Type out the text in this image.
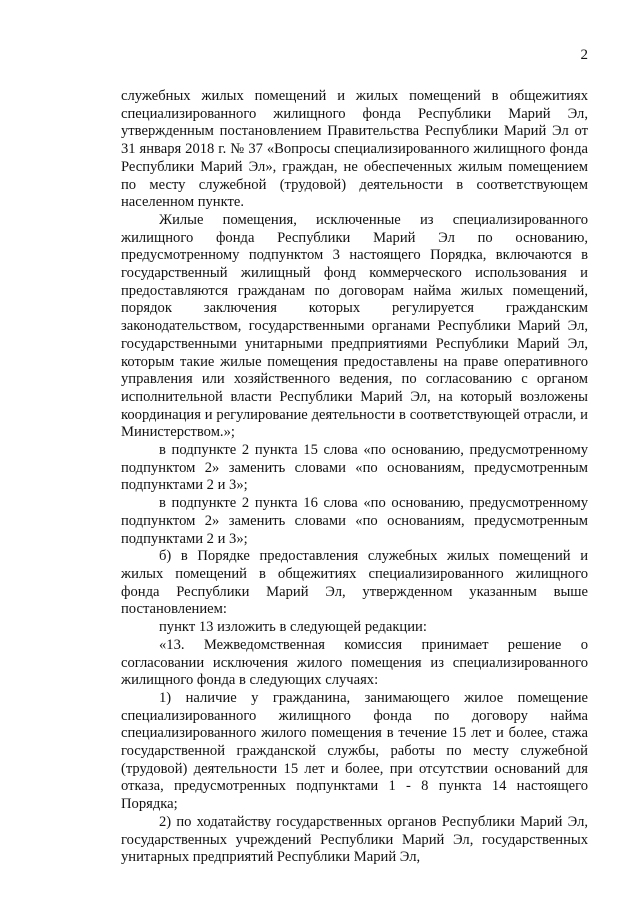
2

служебных жилых помещений и жилых помещений в общежитиях специализированного жилищного фонда Республики Марий Эл, утвержденным постановлением Правительства Республики Марий Эл от 31 января 2018 г. № 37 «Вопросы специализированного жилищного фонда Республики Марий Эл», граждан, не обеспеченных жилым помещением по месту служебной (трудовой) деятельности в соответствующем населенном пункте.

Жилые помещения, исключенные из специализированного жилищного фонда Республики Марий Эл по основанию, предусмотренному подпунктом 3 настоящего Порядка, включаются в государственный жилищный фонд коммерческого использования и предоставляются гражданам по договорам найма жилых помещений, порядок заключения которых регулируется гражданским законодательством, государственными органами Республики Марий Эл, государственными унитарными предприятиями Республики Марий Эл, которым такие жилые помещения предоставлены на праве оперативного управления или хозяйственного ведения, по согласованию с органом исполнительной власти Республики Марий Эл, на который возложены координация и регулирование деятельности в соответствующей отрасли, и Министерством.»;

в подпункте 2 пункта 15 слова «по основанию, предусмотренному подпунктом 2» заменить словами «по основаниям, предусмотренным подпунктами 2 и 3»;

в подпункте 2 пункта 16 слова «по основанию, предусмотренному подпунктом 2» заменить словами «по основаниям, предусмотренным подпунктами 2 и 3»;

б) в Порядке предоставления служебных жилых помещений и жилых помещений в общежитиях специализированного жилищного фонда Республики Марий Эл, утвержденном указанным выше постановлением:

пункт 13 изложить в следующей редакции:

«13. Межведомственная комиссия принимает решение о согласовании исключения жилого помещения из специализированного жилищного фонда в следующих случаях:

1) наличие у гражданина, занимающего жилое помещение специализированного жилищного фонда по договору найма специализированного жилого помещения в течение 15 лет и более, стажа государственной гражданской службы, работы по месту служебной (трудовой) деятельности 15 лет и более, при отсутствии оснований для отказа, предусмотренных подпунктами 1 - 8 пункта 14 настоящего Порядка;

2) по ходатайству государственных органов Республики Марий Эл, государственных учреждений Республики Марий Эл, государственных унитарных предприятий Республики Марий Эл,
